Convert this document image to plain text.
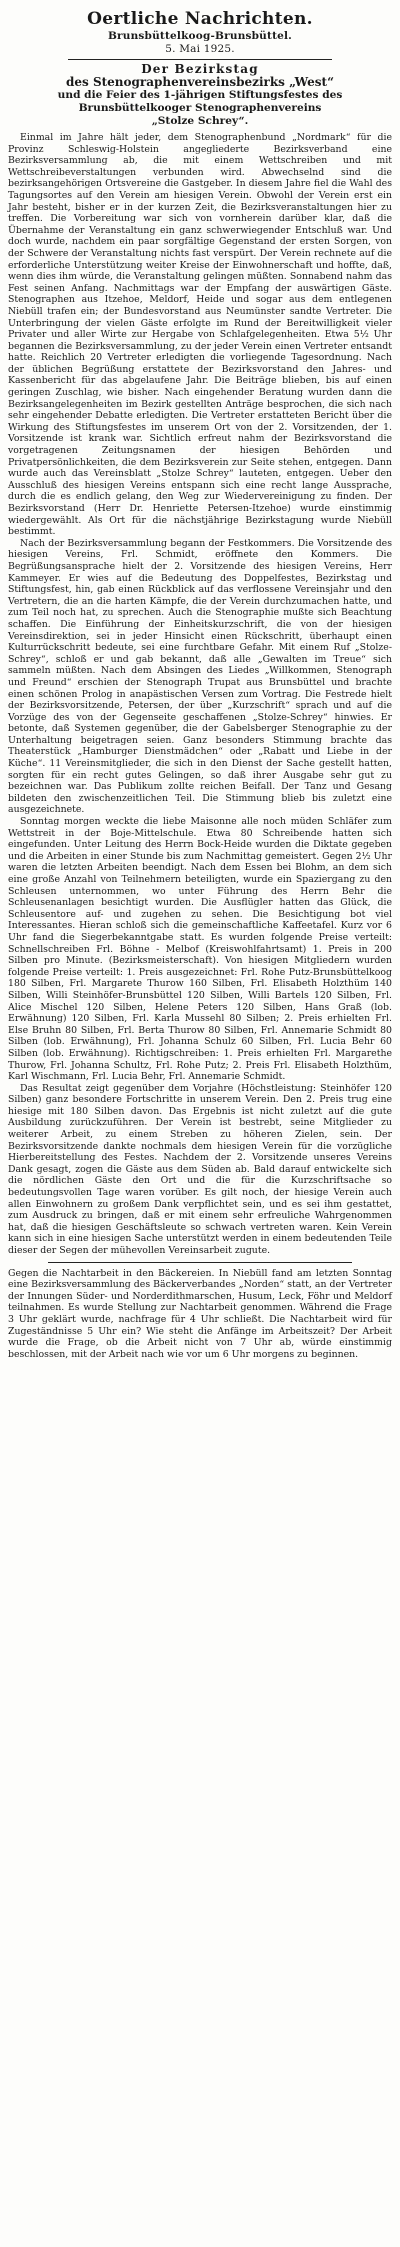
Oertliche Nachrichten.
Brunsbüttelkoog-Brunsbüttel.
5. Mai 1925.
Der Bezirkstag
des Stenographenvereinsbezirks „West“
und die Feier des 1-jährigen Stiftungsfestes des
Brunsbüttelkooger Stenographenvereins
„Stolze Schrey“.

Einmal im Jahre hält jeder, dem Stenographenbund „Nordmark“ für die Provinz Schleswig-Holstein angegliederte Bezirksverband eine Bezirksversammlung ab, die mit einem Wettschreiben und mit Wettschreibeverstaltungen verbunden wird. Abwechselnd sind die bezirksangehörigen Ortsvereine die Gastgeber. In diesem Jahre fiel die Wahl des Tagungsortes auf den Verein am hiesigen Verein. Obwohl der Verein erst ein Jahr besteht, bisher er in der kurzen Zeit, die Bezirksveranstaltungen hier zu treffen. Die Vorbereitung war sich von vornherein darüber klar, daß die Übernahme der Veranstaltung ein ganz schwerwiegender Entschluß war. Und doch wurde, nachdem ein paar sorgfältige Gegenstand der ersten Sorgen, von der Schwere der Veranstaltung nichts fast verspürt. Der Verein rechnete auf die erforderliche Unterstützung weiter Kreise der Einwohnerschaft und hoffte, daß, wenn dies ihm würde, die Veranstaltung gelingen müßten. Sonnabend nahm das Fest seinen Anfang. Nachmittags war der Empfang der auswärtigen Gäste. Stenographen aus Itzehoe, Meldorf, Heide und sogar aus dem entlegenen Niebüll trafen ein; der Bundesvorstand aus Neumünster sandte Vertreter. Die Unterbringung der vielen Gäste erfolgte im Rund der Bereitwilligkeit vieler Privater und aller Wirte zur Hergabe von Schlafgelegenheiten. Etwa 5½ Uhr begannen die Bezirksversammlung, zu der jeder Verein einen Vertreter entsandt hatte. Reichlich 20 Vertreter erledigten die vorliegende Tagesordnung. Nach der üblichen Begrüßung erstattete der Bezirksvorstand den Jahres- und Kassenbericht für das abgelaufene Jahr. Die Beiträge blieben, bis auf einen geringen Zuschlag, wie bisher. Nach eingehender Beratung wurden dann die Bezirksangelegenheiten im Bezirk gestellten Anträge besprochen, die sich nach sehr eingehender Debatte erledigten. Die Vertreter erstatteten Bericht über die Wirkung des Stiftungsfestes im unserem Ort von der 2. Vorsitzenden, der 1. Vorsitzende ist krank war. Sichtlich erfreut nahm der Bezirksvorstand die vorgetragenen Zeitungsnamen der hiesigen Behörden und Privatpersönlichkeiten, die dem Bezirksverein zur Seite stehen, entgegen. Dann wurde auch das Vereinsblatt „Stolze Schrey“ lauteten, entgegen. Ueber den Ausschluß des hiesigen Vereins entspann sich eine recht lange Aussprache, durch die es endlich gelang, den Weg zur Wiedervereinigung zu finden. Der Bezirksvorstand (Herr Dr. Henriette Petersen-Itzehoe) wurde einstimmig wiedergewählt. Als Ort für die nächstjährige Bezirkstagung wurde Niebüll bestimmt.

Nach der Bezirksversammlung begann der Festkommers. Die Vorsitzende des hiesigen Vereins, Frl. Schmidt, eröffnete den Kommers. Die Begrüßungsansprache hielt der 2. Vorsitzende des hiesigen Vereins, Herr Kammeyer. Er wies auf die Bedeutung des Doppelfestes, Bezirkstag und Stiftungsfest, hin, gab einen Rückblick auf das verflossene Vereinsjahr und den Vertretern, die an die harten Kämpfe, die der Verein durchzumachen hatte, und zum Teil noch hat, zu sprechen. Auch die Stenographie mußte sich Beachtung schaffen. Die Einführung der Einheitskurzschrift, die von der hiesigen Vereinsdirektion, sei in jeder Hinsicht einen Rückschritt, überhaupt einen Kulturrückschritt bedeute, sei eine furchtbare Gefahr. Mit einem Ruf „Stolze-Schrey“, schloß er und gab bekannt, daß alle „Gewalten im Treue“ sich sammeln müßten. Nach dem Absingen des Liedes „Willkommen, Stenograph und Freund“ erschien der Stenograph Trupat aus Brunsbüttel und brachte einen schönen Prolog in anapästischen Versen zum Vortrag. Die Festrede hielt der Bezirksvorsitzende, Petersen, der über „Kurzschrift“ sprach und auf die Vorzüge des von der Gegenseite geschaffenen „Stolze-Schrey“ hinwies. Er betonte, daß Systemen gegenüber, die der Gabelsberger Stenographie zu der Unterhaltung beigetragen seien. Ganz besonders Stimmung brachte das Theaterstück „Hamburger Dienstmädchen“ oder „Rabatt und Liebe in der Küche“. 11 Vereinsmitglieder, die sich in den Dienst der Sache gestellt hatten, sorgten für ein recht gutes Gelingen, so daß ihrer Ausgabe sehr gut zu bezeichnen war. Das Publikum zollte reichen Beifall. Der Tanz und Gesang bildeten den zwischenzeitlichen Teil. Die Stimmung blieb bis zuletzt eine ausgezeichnete.

Sonntag morgen weckte die liebe Maisonne alle noch müden Schläfer zum Wettstreit in der Boje-Mittelschule. Etwa 80 Schreibende hatten sich eingefunden. Unter Leitung des Herrn Bock-Heide wurden die Diktate gegeben und die Arbeiten in einer Stunde bis zum Nachmittag gemeistert. Gegen 2½ Uhr waren die letzten Arbeiten beendigt. Nach dem Essen bei Blohm, an dem sich eine große Anzahl von Teilnehmern beteiligten, wurde ein Spaziergang zu den Schleusen unternommen, wo unter Führung des Herrn Behr die Schleusenanlagen besichtigt wurden. Die Ausflügler hatten das Glück, die Schleusentore auf- und zugehen zu sehen. Die Besichtigung bot viel Interessantes. Hieran schloß sich die gemeinschaftliche Kaffeetafel. Kurz vor 6 Uhr fand die Siegerbekanntgabe statt. Es wurden folgende Preise verteilt: Schnellschreiben Frl. Böhne - Melbof (Kreiswohlfahrtsamt) 1. Preis in 200 Silben pro Minute. (Bezirksmeisterschaft). Von hiesigen Mitgliedern wurden folgende Preise verteilt: 1. Preis ausgezeichnet: Frl. Rohe Putz-Brunsbüttelkoog 180 Silben, Frl. Margarete Thurow 160 Silben, Frl. Elisabeth Holzthüm 140 Silben, Willi Steinhöfer-Brunsbüttel 120 Silben, Willi Bartels 120 Silben, Frl. Alice Mischel 120 Silben, Helene Peters 120 Silben, Hans Graß (lob. Erwähnung) 120 Silben, Frl. Karla Mussehl 80 Silben; 2. Preis erhielten Frl. Else Bruhn 80 Silben, Frl. Berta Thurow 80 Silben, Frl. Annemarie Schmidt 80 Silben (lob. Erwähnung), Frl. Johanna Schulz 60 Silben, Frl. Lucia Behr 60 Silben (lob. Erwähnung). Richtigschreiben: 1. Preis erhielten Frl. Margarethe Thurow, Frl. Johanna Schultz, Frl. Rohe Putz; 2. Preis Frl. Elisabeth Holzthüm, Karl Wischmann, Frl. Lucia Behr, Frl. Annemarie Schmidt.

Das Resultat zeigt gegenüber dem Vorjahre (Höchstleistung: Steinhöfer 120 Silben) ganz besondere Fortschritte in unserem Verein. Den 2. Preis trug eine hiesige mit 180 Silben davon. Das Ergebnis ist nicht zuletzt auf die gute Ausbildung zurückzuführen. Der Verein ist bestrebt, seine Mitglieder zu weiterer Arbeit, zu einem Streben zu höheren Zielen, sein. Der Bezirksvorsitzende dankte nochmals dem hiesigen Verein für die vorzügliche Hierbereitstellung des Festes. Nachdem der 2. Vorsitzende unseres Vereins Dank gesagt, zogen die Gäste aus dem Süden ab. Bald darauf entwickelte sich die nördlichen Gäste den Ort und die für die Kurzschriftsache so bedeutungsvollen Tage waren vorüber. Es gilt noch, der hiesige Verein auch allen Einwohnern zu großem Dank verpflichtet sein, und es sei ihm gestattet, zum Ausdruck zu bringen, daß er mit einem sehr erfreuliche Wahrgenommen hat, daß die hiesigen Geschäftsleute so schwach vertreten waren. Kein Verein kann sich in eine hiesigen Sache unterstützt werden in einem bedeutenden Teile dieser der Segen der mühevollen Vereinsarbeit zugute.

Gegen die Nachtarbeit in den Bäckereien. In Niebüll fand am letzten Sonntag eine Bezirksversammlung des Bäckerverbandes „Norden“ statt, an der Vertreter der Innungen Süder- und Norderdithmarschen, Husum, Leck, Föhr und Meldorf teilnahmen. Es wurde Stellung zur Nachtarbeit genommen. Während die Frage 3 Uhr geklärt wurde, nachfrage für 4 Uhr schließt. Die Nachtarbeit wird für Zugeständnisse 5 Uhr ein? Wie steht die Anfänge im Arbeitszeit? Der Arbeit wurde die Frage, ob die Arbeit nicht von 7 Uhr ab, würde einstimmig beschlossen, mit der Arbeit nach wie vor um 6 Uhr morgens zu beginnen.
